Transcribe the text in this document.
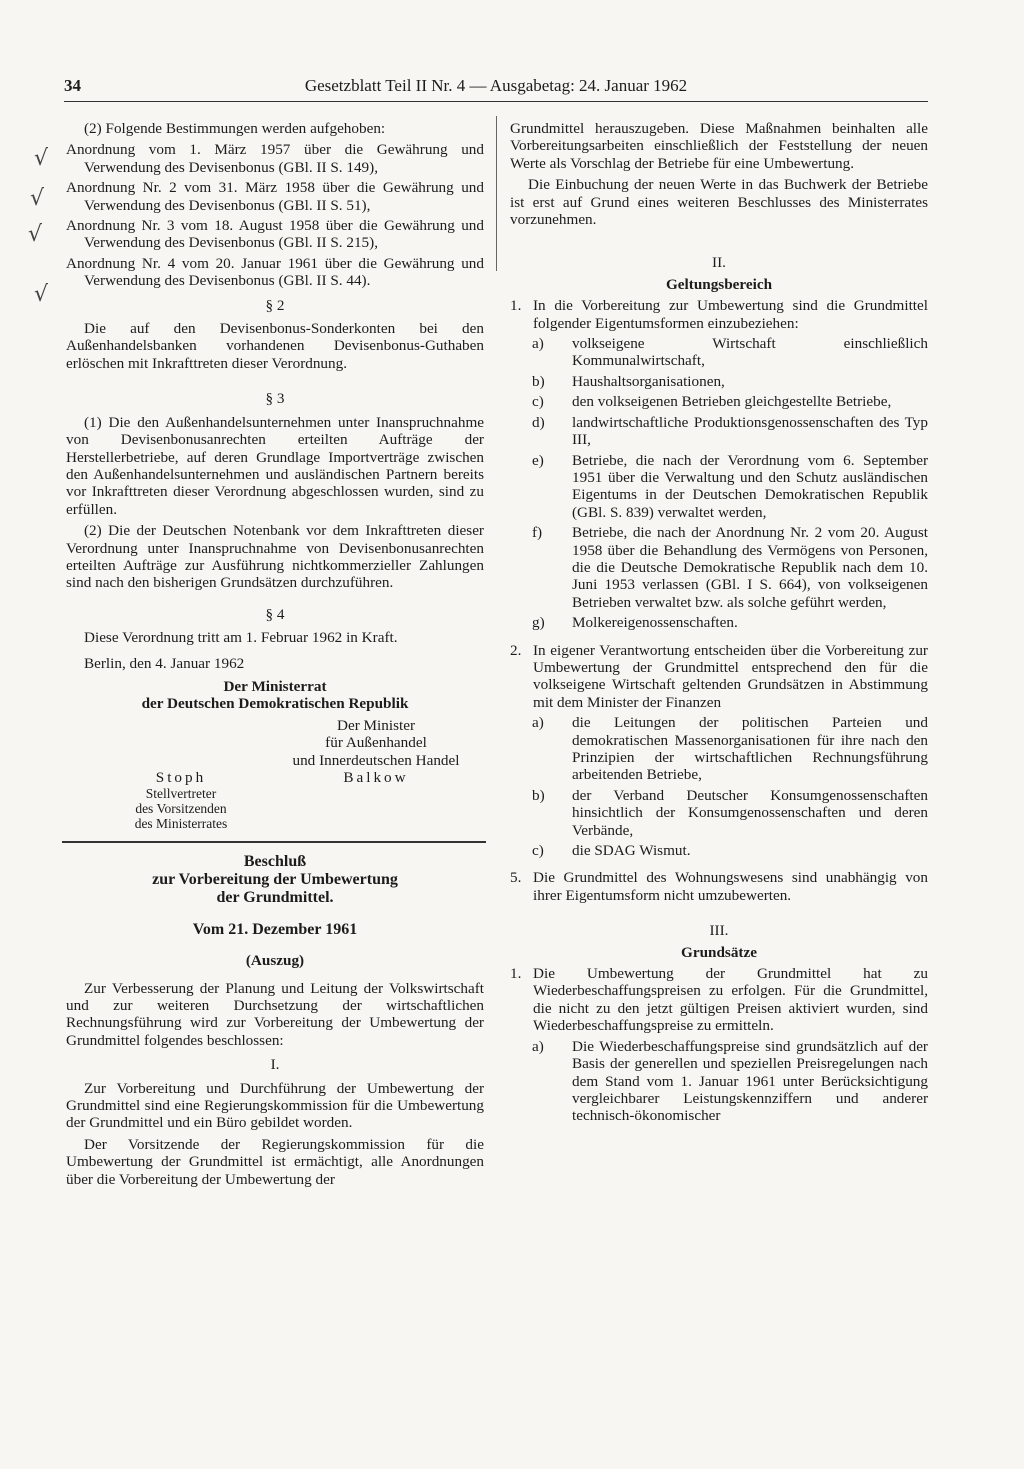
34	Gesetzblatt Teil II Nr. 4 — Ausgabetag: 24. Januar 1962
√
√
√
√

(2) Folgende Bestimmungen werden aufgehoben:

Anordnung vom 1. März 1957 über die Gewährung und Verwendung des Devisenbonus (GBl. II S. 149),

Anordnung Nr. 2 vom 31. März 1958 über die Gewährung und Verwendung des Devisenbonus (GBl. II S. 51),

Anordnung Nr. 3 vom 18. August 1958 über die Gewährung und Verwendung des Devisenbonus (GBl. II S. 215),

Anordnung Nr. 4 vom 20. Januar 1961 über die Gewährung und Verwendung des Devisenbonus (GBl. II S. 44).

§ 2

Die auf den Devisenbonus-Sonderkonten bei den Außenhandelsbanken vorhandenen Devisenbonus-Guthaben erlöschen mit Inkrafttreten dieser Verordnung.

§ 3

(1) Die den Außenhandelsunternehmen unter Inanspruchnahme von Devisenbonusanrechten erteilten Aufträge der Herstellerbetriebe, auf deren Grundlage Importverträge zwischen den Außenhandelsunternehmen und ausländischen Partnern bereits vor Inkrafttreten dieser Verordnung abgeschlossen wurden, sind zu erfüllen.

(2) Die der Deutschen Notenbank vor dem Inkrafttreten dieser Verordnung unter Inanspruchnahme von Devisenbonusanrechten erteilten Aufträge zur Ausführung nichtkommerzieller Zahlungen sind nach den bisherigen Grundsätzen durchzuführen.

§ 4

Diese Verordnung tritt am 1. Februar 1962 in Kraft.

Berlin, den 4. Januar 1962

Der Ministerrat

der Deutschen Demokratischen Republik

Der Minister
für Außenhandel
und Innerdeutschen Handel
Balkow
Stoph
Stellvertreter
des Vorsitzenden
des Ministerrates

Beschluß

zur Vorbereitung der Umbewertung

der Grundmittel.

Vom 21. Dezember 1961

(Auszug)

Zur Verbesserung der Planung und Leitung der Volkswirtschaft und zur weiteren Durchsetzung der wirtschaftlichen Rechnungsführung wird zur Vorbereitung der Umbewertung der Grundmittel folgendes beschlossen:

I.

Zur Vorbereitung und Durchführung der Umbewertung der Grundmittel sind eine Regierungskommission für die Umbewertung der Grundmittel und ein Büro gebildet worden.

Der Vorsitzende der Regierungskommission für die Umbewertung der Grundmittel ist ermächtigt, alle Anordnungen über die Vorbereitung der Umbewertung der

Grundmittel herauszugeben. Diese Maßnahmen beinhalten alle Vorbereitungsarbeiten einschließlich der Feststellung der neuen Werte als Vorschlag der Betriebe für eine Umbewertung.

Die Einbuchung der neuen Werte in das Buchwerk der Betriebe ist erst auf Grund eines weiteren Beschlusses des Ministerrates vorzunehmen.

II.
Geltungsbereich
1. In die Vorbereitung zur Umbewertung sind die Grundmittel folgender Eigentumsformen einzubeziehen:

a) volkseigene Wirtschaft einschließlich Kommunalwirtschaft,

b) Haushaltsorganisationen,

c) den volkseigenen Betrieben gleichgestellte Betriebe,

d) landwirtschaftliche Produktionsgenossenschaften des Typ III,

e) Betriebe, die nach der Verordnung vom 6. September 1951 über die Verwaltung und den Schutz ausländischen Eigentums in der Deutschen Demokratischen Republik (GBl. S. 839) verwaltet werden,

f) Betriebe, die nach der Anordnung Nr. 2 vom 20. August 1958 über die Behandlung des Vermögens von Personen, die die Deutsche Demokratische Republik nach dem 10. Juni 1953 verlassen (GBl. I S. 664), von volkseigenen Betrieben verwaltet bzw. als solche geführt werden,

g) Molkereigenossenschaften.

2. In eigener Verantwortung entscheiden über die Vorbereitung zur Umbewertung der Grundmittel entsprechend den für die volkseigene Wirtschaft geltenden Grundsätzen in Abstimmung mit dem Minister der Finanzen

a) die Leitungen der politischen Parteien und demokratischen Massenorganisationen für ihre nach den Prinzipien der wirtschaftlichen Rechnungsführung arbeitenden Betriebe,

b) der Verband Deutscher Konsumgenossenschaften hinsichtlich der Konsumgenossenschaften und deren Verbände,

c) die SDAG Wismut.

5. Die Grundmittel des Wohnungswesens sind unabhängig von ihrer Eigentumsform nicht umzubewerten.

III.
Grundsätze
1. Die Umbewertung der Grundmittel hat zu Wiederbeschaffungspreisen zu erfolgen. Für die Grundmittel, die nicht zu den jetzt gültigen Preisen aktiviert wurden, sind Wiederbeschaffungspreise zu ermitteln.

a) Die Wiederbeschaffungspreise sind grundsätzlich auf der Basis der generellen und speziellen Preisregelungen nach dem Stand vom 1. Januar 1961 unter Berücksichtigung vergleichbarer Leistungskennziffern und anderer technisch-ökonomischer
